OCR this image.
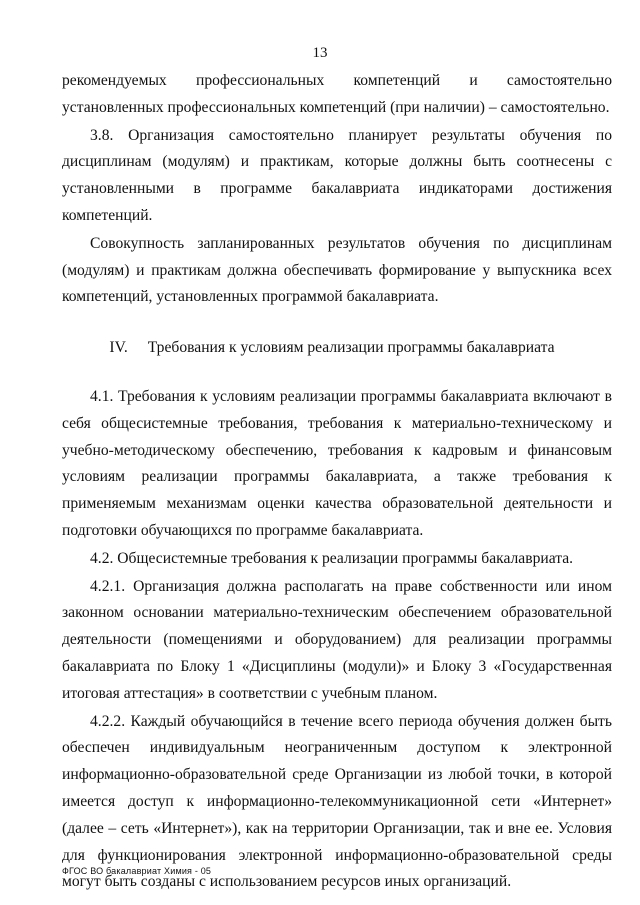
13

рекомендуемых профессиональных компетенций и самостоятельно установленных профессиональных компетенций (при наличии) – самостоятельно.

3.8. Организация самостоятельно планирует результаты обучения по дисциплинам (модулям) и практикам, которые должны быть соотнесены с установленными в программе бакалавриата индикаторами достижения компетенций.

Совокупность запланированных результатов обучения по дисциплинам (модулям) и практикам должна обеспечивать формирование у выпускника всех компетенций, установленных программой бакалавриата.

IV. Требования к условиям реализации программы бакалавриата

4.1. Требования к условиям реализации программы бакалавриата включают в себя общесистемные требования, требования к материально-техническому и учебно-методическому обеспечению, требования к кадровым и финансовым условиям реализации программы бакалавриата, а также требования к применяемым механизмам оценки качества образовательной деятельности и подготовки обучающихся по программе бакалавриата.

4.2. Общесистемные требования к реализации программы бакалавриата.

4.2.1. Организация должна располагать на праве собственности или ином законном основании материально-техническим обеспечением образовательной деятельности (помещениями и оборудованием) для реализации программы бакалавриата по Блоку 1 «Дисциплины (модули)» и Блоку 3 «Государственная итоговая аттестация» в соответствии с учебным планом.

4.2.2. Каждый обучающийся в течение всего периода обучения должен быть обеспечен индивидуальным неограниченным доступом к электронной информационно-образовательной среде Организации из любой точки, в которой имеется доступ к информационно-телекоммуникационной сети «Интернет» (далее – сеть «Интернет»), как на территории Организации, так и вне ее. Условия для функционирования электронной информационно-образовательной среды могут быть созданы с использованием ресурсов иных организаций.

ФГОС ВО бакалавриат Химия - 05
